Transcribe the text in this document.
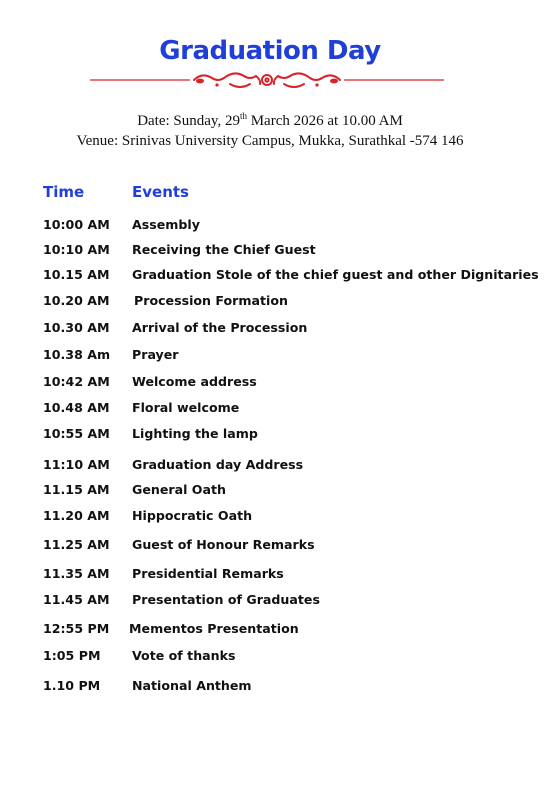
Graduation Day
Date: Sunday, 29th March 2026 at 10.00 AM
Venue: Srinivas University Campus, Mukka, Surathkal -574 146
Time	Events
10:00 AM Assembly
10:10 AM Receiving the Chief Guest
10.15 AM Graduation Stole of the chief guest and other Dignitaries
10.20 AM Procession Formation
10.30 AM Arrival of the Procession
10.38 Am Prayer
10:42 AM Welcome address
10.48 AM Floral welcome
10:55 AM Lighting the lamp
11:10 AM Graduation day Address
11.15 AM General Oath
11.20 AM Hippocratic Oath
11.25 AM Guest of Honour Remarks
11.35 AM Presidential Remarks
11.45 AM Presentation of Graduates
12:55 PM Mementos Presentation
1:05 PM	Vote of thanks
1.10 PM	National Anthem
